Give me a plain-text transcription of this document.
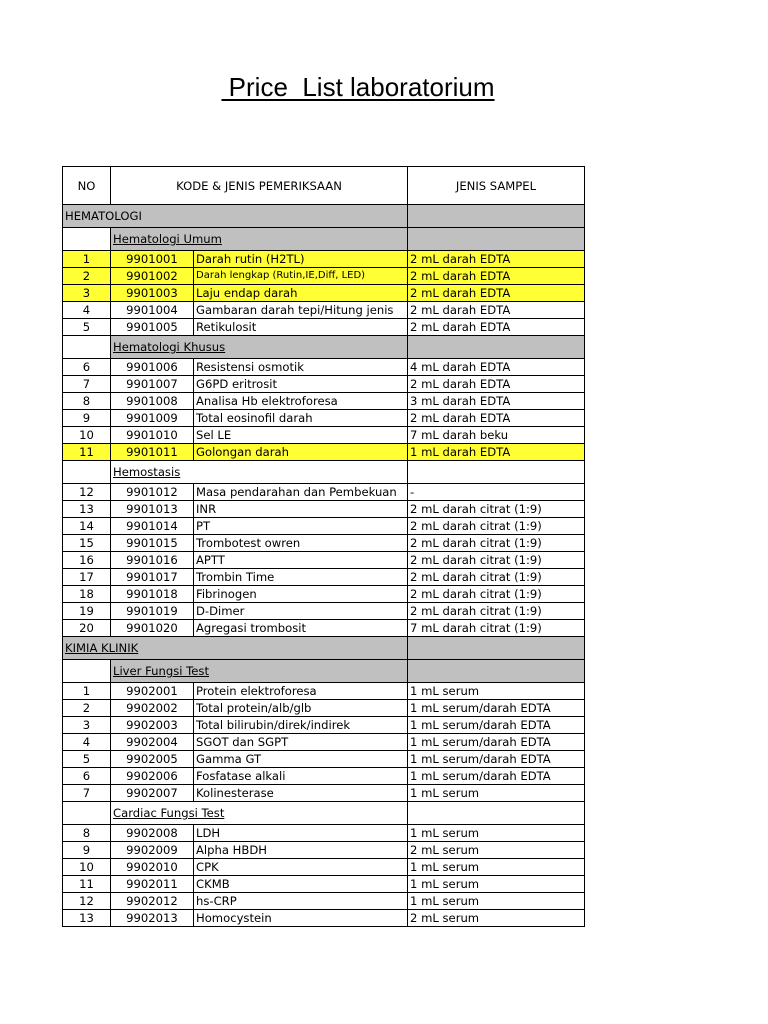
Price  List laboratorium
NO	KODE & JENIS PEMERIKSAAN		JENIS SAMPEL
HEMATOLOGI			
	Hematologi Umum		
1	9901001	Darah rutin (H2TL)	2 mL darah EDTA
2	9901002	Darah lengkap (Rutin,IE,Diff, LED)	2 mL darah EDTA
3	9901003	Laju endap darah	2 mL darah EDTA
4	9901004	Gambaran darah tepi/Hitung jenis	2 mL darah EDTA
5	9901005	Retikulosit	2 mL darah EDTA
	Hematologi Khusus		
6	9901006	Resistensi osmotik	4 mL darah EDTA
7	9901007	G6PD eritrosit	2 mL darah EDTA
8	9901008	Analisa Hb elektroforesa	3 mL darah EDTA
9	9901009	Total eosinofil darah	2 mL darah EDTA
10	9901010	Sel LE	7 mL darah beku
11	9901011	Golongan darah	1 mL darah EDTA
	Hemostasis		
12	9901012	Masa pendarahan dan Pembekuan	-
13	9901013	INR	2 mL darah citrat (1:9)
14	9901014	PT	2 mL darah citrat (1:9)
15	9901015	Trombotest owren	2 mL darah citrat (1:9)
16	9901016	APTT	2 mL darah citrat (1:9)
17	9901017	Trombin Time	2 mL darah citrat (1:9)
18	9901018	Fibrinogen	2 mL darah citrat (1:9)
19	9901019	D-Dimer	2 mL darah citrat (1:9)
20	9901020	Agregasi trombosit	7 mL darah citrat (1:9)
KIMIA KLINIK			
	Liver Fungsi Test		
1	9902001	Protein elektroforesa	1 mL serum
2	9902002	Total protein/alb/glb	1 mL serum/darah EDTA
3	9902003	Total bilirubin/direk/indirek	1 mL serum/darah EDTA
4	9902004	SGOT dan SGPT	1 mL serum/darah EDTA
5	9902005	Gamma GT	1 mL serum/darah EDTA
6	9902006	Fosfatase alkali	1 mL serum/darah EDTA
7	9902007	Kolinesterase	1 mL serum
	Cardiac Fungsi Test		
8	9902008	LDH	1 mL serum
9	9902009	Alpha HBDH	2 mL serum
10	9902010	CPK	1 mL serum
11	9902011	CKMB	1 mL serum
12	9902012	hs-CRP	1 mL serum
13	9902013	Homocystein	2 mL serum
